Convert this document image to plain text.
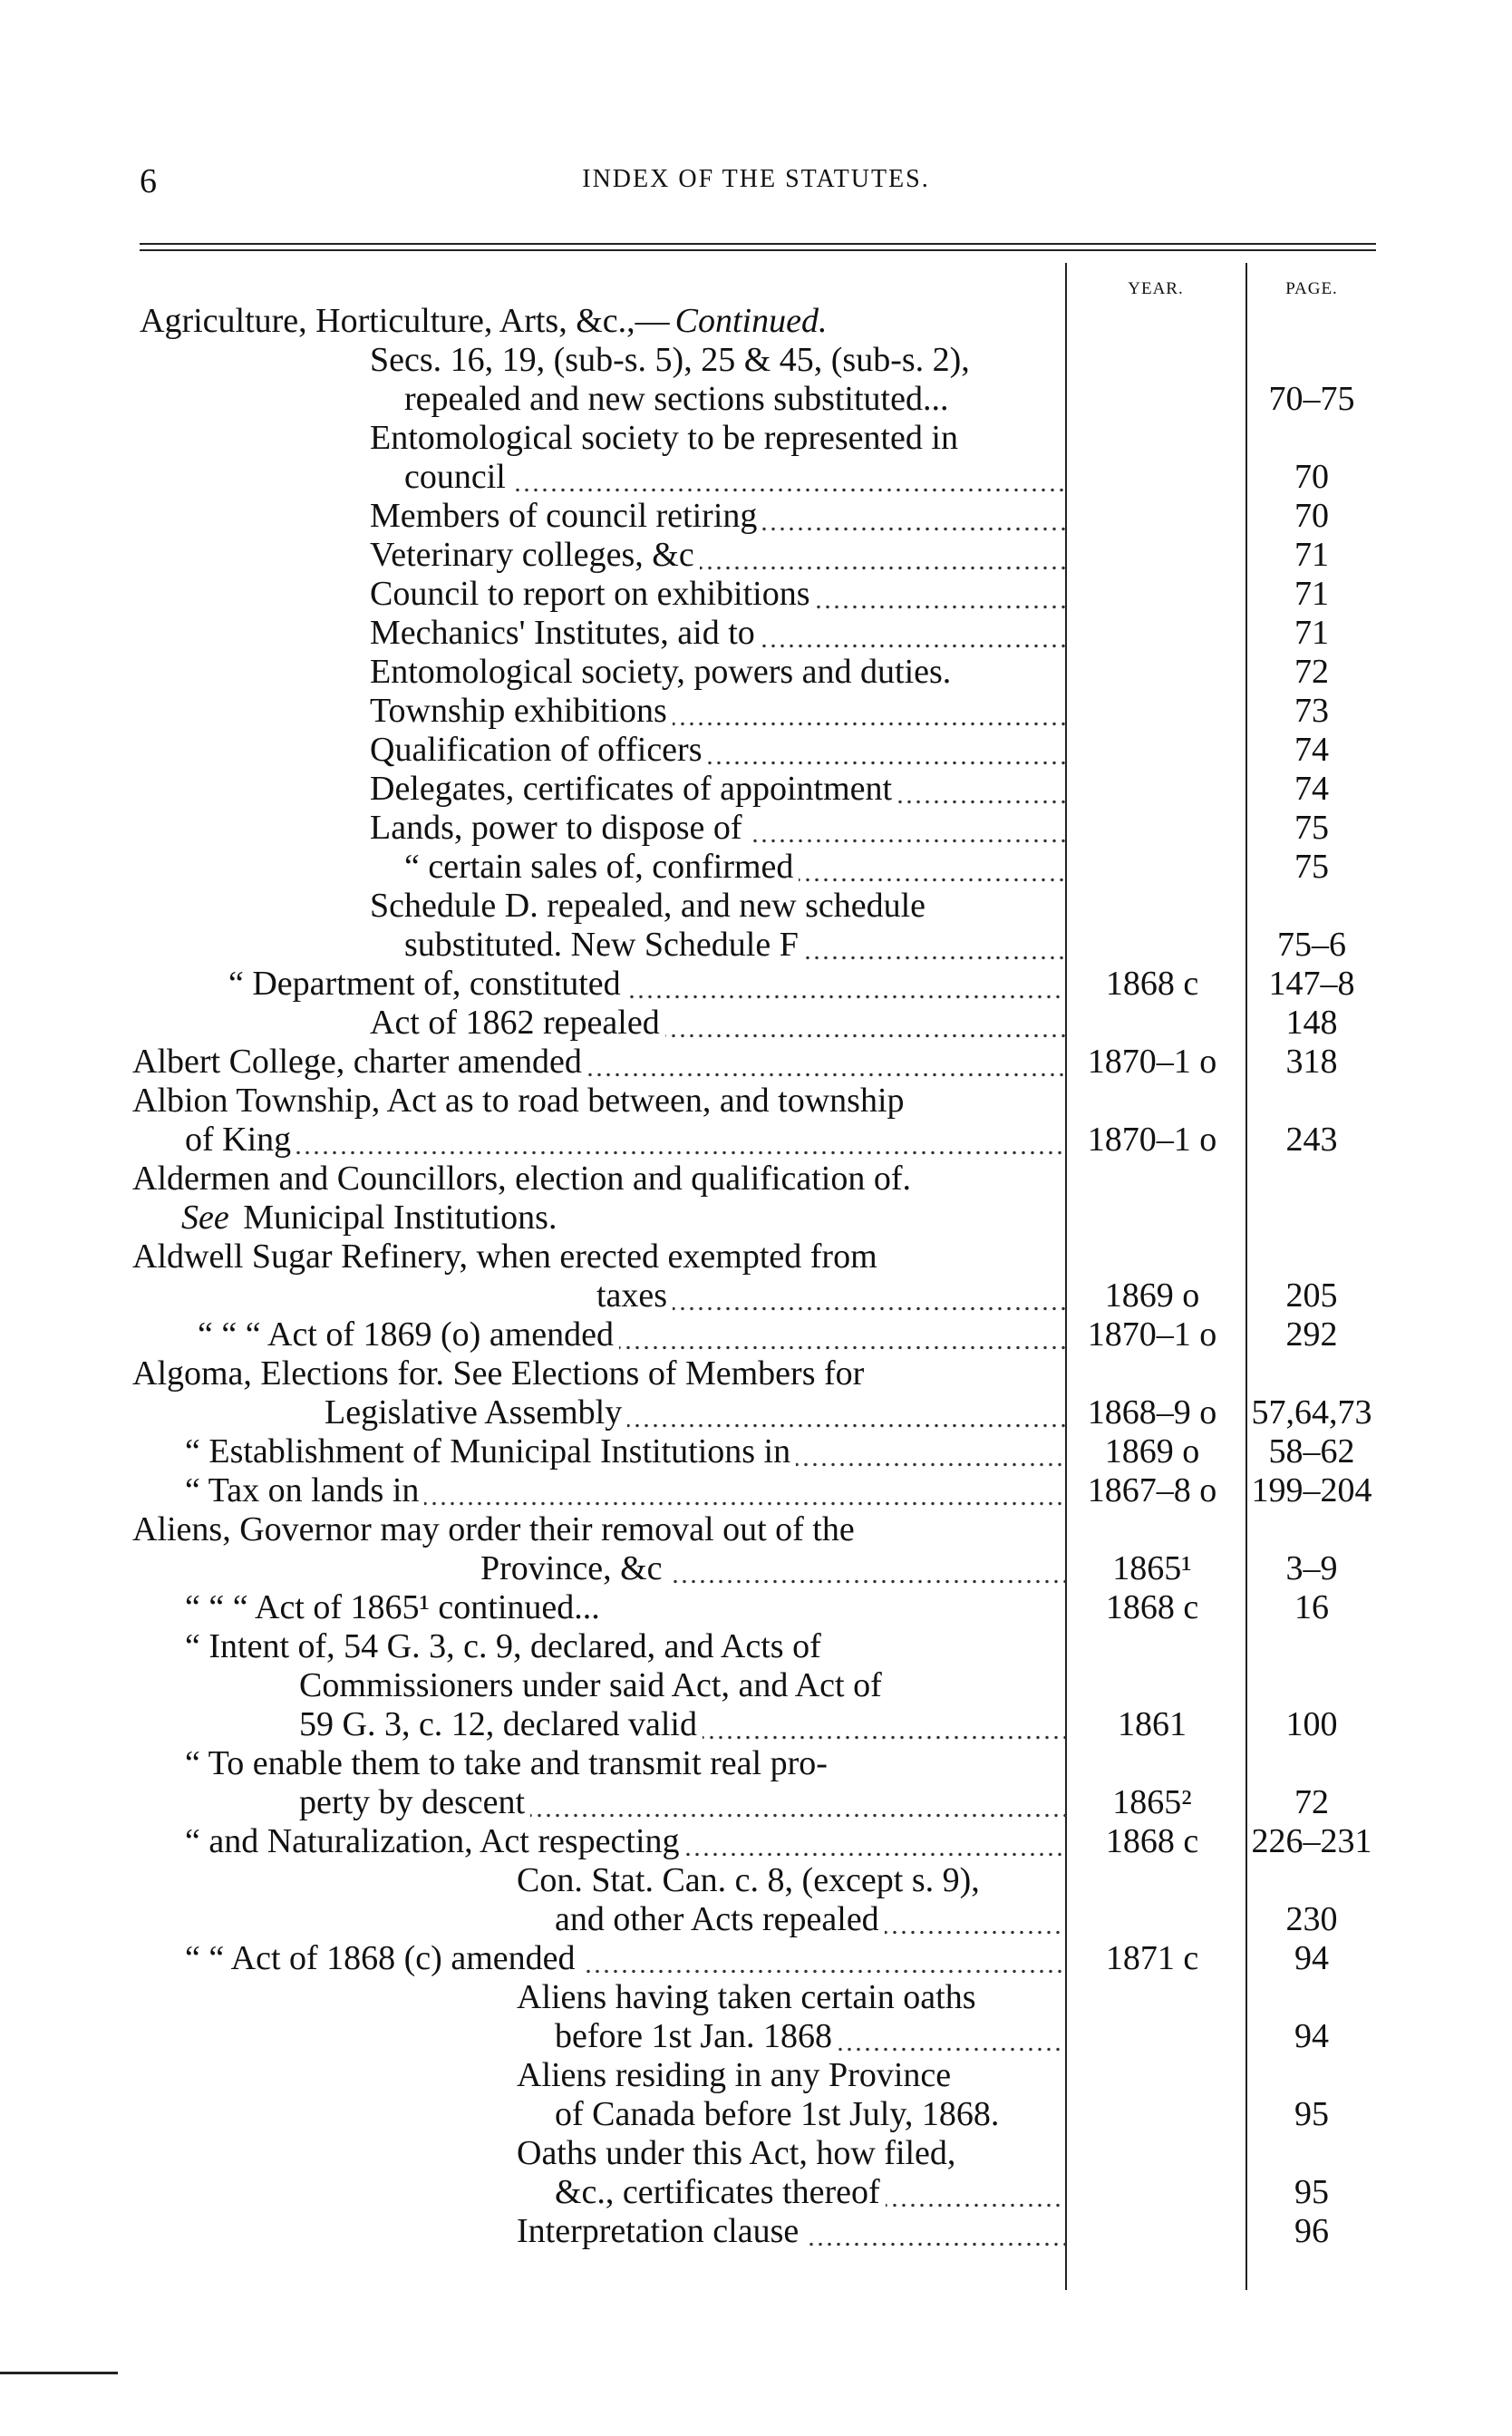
6	INDEX OF THE STATUTES.
YEAR.	PAGE.
Agriculture, Horticulture, Arts, &c.,— Continued.
Secs. 16, 19, (sub-s. 5), 25 & 45, (sub-s. 2),
repealed and new sections substituted...	70–75
Entomological society to be represented in
council	70
Members of council retiring	70
Veterinary colleges, &c	71
Council to report on exhibitions	71
Mechanics' Institutes, aid to	71
Entomological society, powers and duties.	72
Township exhibitions	73
Qualification of officers	74
Delegates, certificates of appointment	74
Lands, power to dispose of	75
“ certain sales of, confirmed	75
Schedule D. repealed, and new schedule
substituted. New Schedule F	75–6
“ Department of, constituted	1868 c	147–8
Act of 1862 repealed	148
Albert College, charter amended	1870–1 o	318
Albion Township, Act as to road between, and township
of King	1870–1 o	243
Aldermen and Councillors, election and qualification of.
See Municipal Institutions.
Aldwell Sugar Refinery, when erected exempted from
taxes	1869 o	205
“ “ “ Act of 1869 (o) amended	1870–1 o	292
Algoma, Elections for. See Elections of Members for
Legislative Assembly	1868–9 o	57,64,73
“ Establishment of Municipal Institutions in	1869 o	58–62
“ Tax on lands in	1867–8 o	199–204
Aliens, Governor may order their removal out of the
Province, &c	1865¹	3–9
“ “ “ Act of 1865¹ continued...	1868 c	16
“ Intent of, 54 G. 3, c. 9, declared, and Acts of
Commissioners under said Act, and Act of
59 G. 3, c. 12, declared valid	1861	100
“ To enable them to take and transmit real pro-
perty by descent	1865²	72
“ and Naturalization, Act respecting	1868 c	226–231
Con. Stat. Can. c. 8, (except s. 9),
and other Acts repealed	230
“ “ Act of 1868 (c) amended	1871 c	94
Aliens having taken certain oaths
before 1st Jan. 1868	94
Aliens residing in any Province
of Canada before 1st July, 1868.	95
Oaths under this Act, how filed,
&c., certificates thereof	95
Interpretation clause	96
